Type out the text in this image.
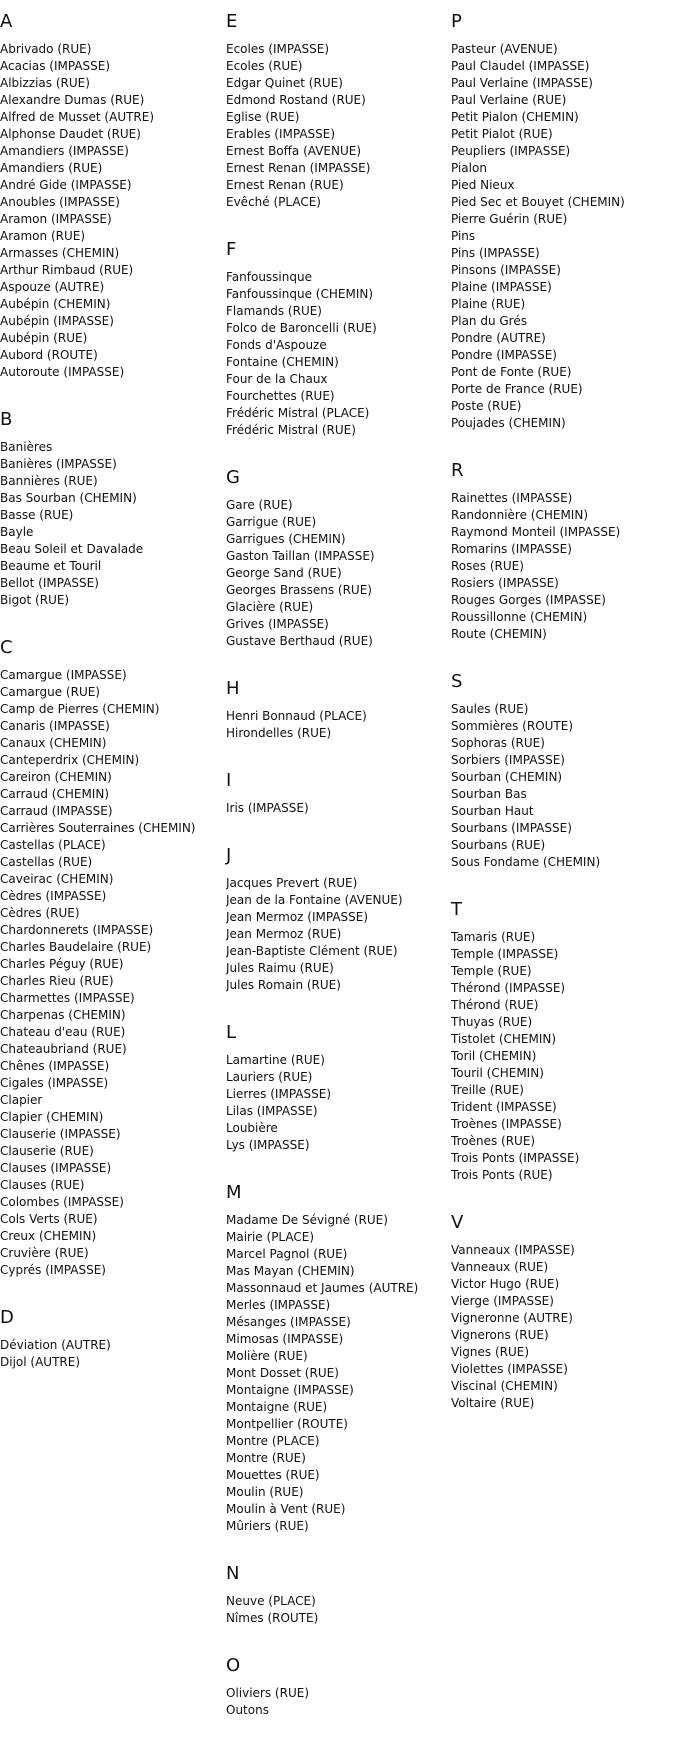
A
Abrivado (RUE)
Acacias (IMPASSE)
Albizzias (RUE)
Alexandre Dumas (RUE)
Alfred de Musset (AUTRE)
Alphonse Daudet (RUE)
Amandiers (IMPASSE)
Amandiers (RUE)
André Gide (IMPASSE)
Anoubles (IMPASSE)
Aramon (IMPASSE)
Aramon (RUE)
Armasses (CHEMIN)
Arthur Rimbaud (RUE)
Aspouze (AUTRE)
Aubépin (CHEMIN)
Aubépin (IMPASSE)
Aubépin (RUE)
Aubord (ROUTE)
Autoroute (IMPASSE)
B
Banières
Banières (IMPASSE)
Bannières (RUE)
Bas Sourban (CHEMIN)
Basse (RUE)
Bayle
Beau Soleil et Davalade
Beaume et Touril
Bellot (IMPASSE)
Bigot (RUE)
C
Camargue (IMPASSE)
Camargue (RUE)
Camp de Pierres (CHEMIN)
Canaris (IMPASSE)
Canaux (CHEMIN)
Canteperdrix (CHEMIN)
Careiron (CHEMIN)
Carraud (CHEMIN)
Carraud (IMPASSE)
Carrières Souterraines (CHEMIN)
Castellas (PLACE)
Castellas (RUE)
Caveirac (CHEMIN)
Cèdres (IMPASSE)
Cèdres (RUE)
Chardonnerets (IMPASSE)
Charles Baudelaire (RUE)
Charles Péguy (RUE)
Charles Rieu (RUE)
Charmettes (IMPASSE)
Charpenas (CHEMIN)
Chateau d'eau (RUE)
Chateaubriand (RUE)
Chênes (IMPASSE)
Cigales (IMPASSE)
Clapier
Clapier (CHEMIN)
Clauserie (IMPASSE)
Clauserie (RUE)
Clauses (IMPASSE)
Clauses (RUE)
Colombes (IMPASSE)
Cols Verts (RUE)
Creux (CHEMIN)
Cruvière (RUE)
Cyprés (IMPASSE)
D
Déviation (AUTRE)
Dijol (AUTRE)
E
Ecoles (IMPASSE)
Ecoles (RUE)
Edgar Quinet (RUE)
Edmond Rostand (RUE)
Eglise (RUE)
Erables (IMPASSE)
Ernest Boffa (AVENUE)
Ernest Renan (IMPASSE)
Ernest Renan (RUE)
Evêché (PLACE)
F
Fanfoussinque
Fanfoussinque (CHEMIN)
Flamands (RUE)
Folco de Baroncelli (RUE)
Fonds d'Aspouze
Fontaine (CHEMIN)
Four de la Chaux
Fourchettes (RUE)
Frédéric Mistral (PLACE)
Frédéric Mistral (RUE)
G
Gare (RUE)
Garrigue (RUE)
Garrigues (CHEMIN)
Gaston Taillan (IMPASSE)
George Sand (RUE)
Georges Brassens (RUE)
Glacière (RUE)
Grives (IMPASSE)
Gustave Berthaud (RUE)
H
Henri Bonnaud (PLACE)
Hirondelles (RUE)
I
Iris (IMPASSE)
J
Jacques Prevert (RUE)
Jean de la Fontaine (AVENUE)
Jean Mermoz (IMPASSE)
Jean Mermoz (RUE)
Jean-Baptiste Clément (RUE)
Jules Raimu (RUE)
Jules Romain (RUE)
L
Lamartine (RUE)
Lauriers (RUE)
Lierres (IMPASSE)
Lilas (IMPASSE)
Loubière
Lys (IMPASSE)
M
Madame De Sévigné (RUE)
Mairie (PLACE)
Marcel Pagnol (RUE)
Mas Mayan (CHEMIN)
Massonnaud et Jaumes (AUTRE)
Merles (IMPASSE)
Mésanges (IMPASSE)
Mimosas (IMPASSE)
Molière (RUE)
Mont Dosset (RUE)
Montaigne (IMPASSE)
Montaigne (RUE)
Montpellier (ROUTE)
Montre (PLACE)
Montre (RUE)
Mouettes (RUE)
Moulin (RUE)
Moulin à Vent (RUE)
Mûriers (RUE)
N
Neuve (PLACE)
Nîmes (ROUTE)
O
Oliviers (RUE)
Outons
P
Pasteur (AVENUE)
Paul Claudel (IMPASSE)
Paul Verlaine (IMPASSE)
Paul Verlaine (RUE)
Petit Pialon (CHEMIN)
Petit Pialot (RUE)
Peupliers (IMPASSE)
Pialon
Pied Nieux
Pied Sec et Bouyet (CHEMIN)
Pierre Guérin (RUE)
Pins
Pins (IMPASSE)
Pinsons (IMPASSE)
Plaine (IMPASSE)
Plaine (RUE)
Plan du Grés
Pondre (AUTRE)
Pondre (IMPASSE)
Pont de Fonte (RUE)
Porte de France (RUE)
Poste (RUE)
Poujades (CHEMIN)
R
Rainettes (IMPASSE)
Randonnière (CHEMIN)
Raymond Monteil (IMPASSE)
Romarins (IMPASSE)
Roses (RUE)
Rosiers (IMPASSE)
Rouges Gorges (IMPASSE)
Roussillonne (CHEMIN)
Route (CHEMIN)
S
Saules (RUE)
Sommières (ROUTE)
Sophoras (RUE)
Sorbiers (IMPASSE)
Sourban (CHEMIN)
Sourban Bas
Sourban Haut
Sourbans (IMPASSE)
Sourbans (RUE)
Sous Fondame (CHEMIN)
T
Tamaris (RUE)
Temple (IMPASSE)
Temple (RUE)
Thérond (IMPASSE)
Thérond (RUE)
Thuyas (RUE)
Tistolet (CHEMIN)
Toril (CHEMIN)
Touril (CHEMIN)
Treille (RUE)
Trident (IMPASSE)
Troènes (IMPASSE)
Troènes (RUE)
Trois Ponts (IMPASSE)
Trois Ponts (RUE)
V
Vanneaux (IMPASSE)
Vanneaux (RUE)
Victor Hugo (RUE)
Vierge (IMPASSE)
Vigneronne (AUTRE)
Vignerons (RUE)
Vignes (RUE)
Violettes (IMPASSE)
Viscinal (CHEMIN)
Voltaire (RUE)
